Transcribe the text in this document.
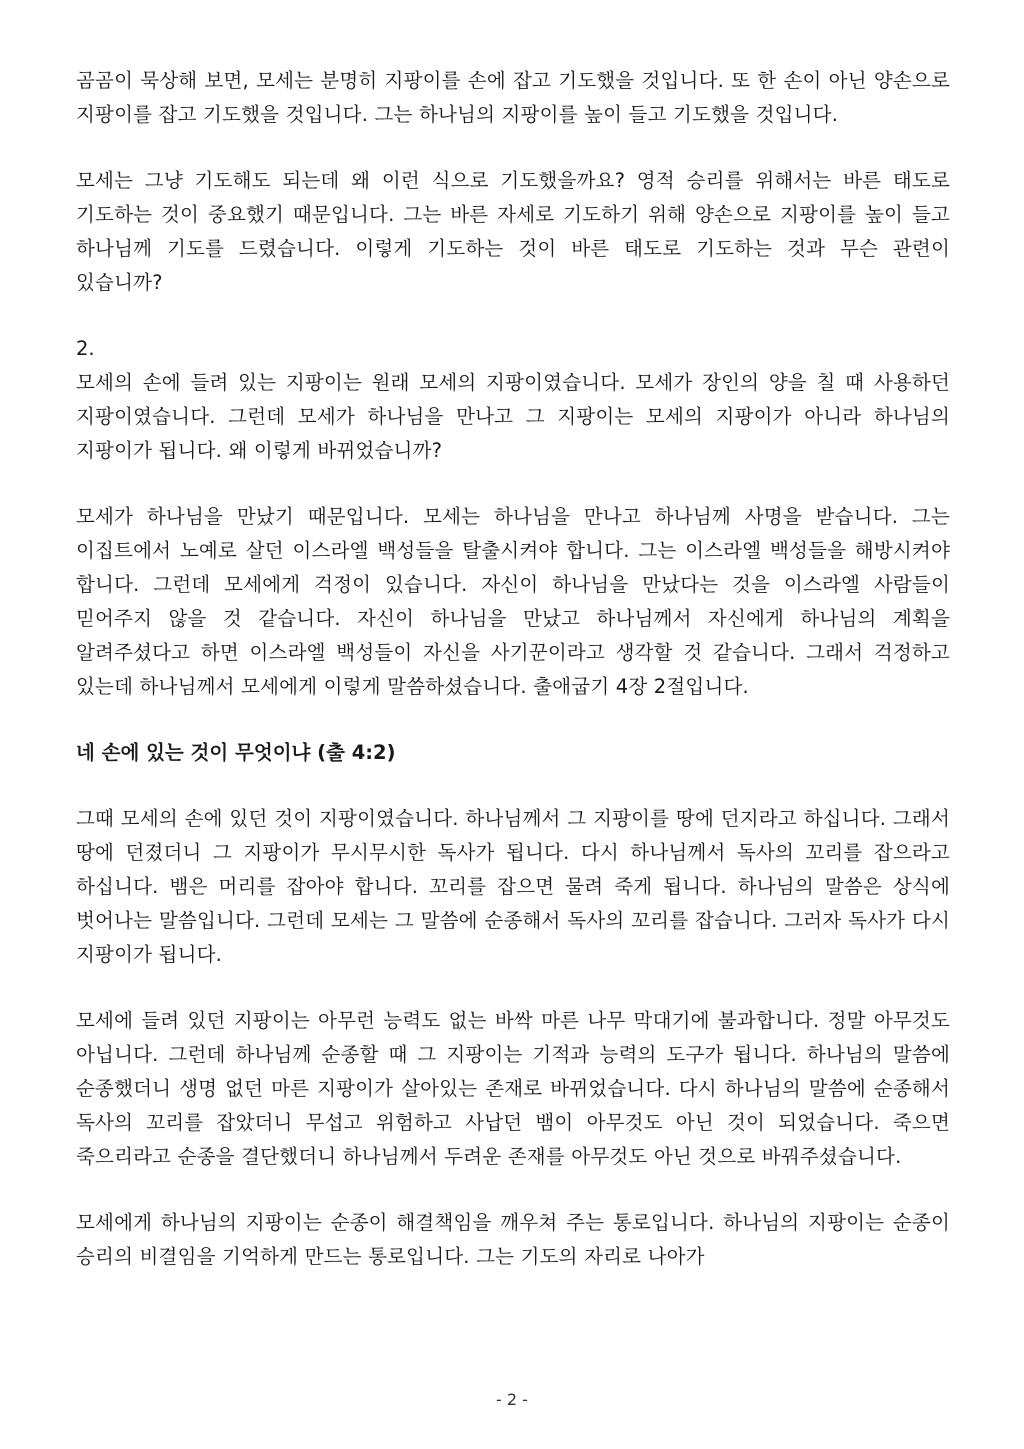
곰곰이 묵상해 보면, 모세는 분명히 지팡이를 손에 잡고 기도했을 것입니다. 또 한 손이 아닌 양손으로 지팡이를 잡고 기도했을 것입니다. 그는 하나님의 지팡이를 높이 들고 기도했을 것입니다.

모세는 그냥 기도해도 되는데 왜 이런 식으로 기도했을까요? 영적 승리를 위해서는 바른 태도로 기도하는 것이 중요했기 때문입니다. 그는 바른 자세로 기도하기 위해 양손으로 지팡이를 높이 들고 하나님께 기도를 드렸습니다. 이렇게 기도하는 것이 바른 태도로 기도하는 것과 무슨 관련이 있습니까?

2.

모세의 손에 들려 있는 지팡이는 원래 모세의 지팡이였습니다. 모세가 장인의 양을 칠 때 사용하던 지팡이였습니다. 그런데 모세가 하나님을 만나고 그 지팡이는 모세의 지팡이가 아니라 하나님의 지팡이가 됩니다. 왜 이렇게 바뀌었습니까?

모세가 하나님을 만났기 때문입니다. 모세는 하나님을 만나고 하나님께 사명을 받습니다. 그는 이집트에서 노예로 살던 이스라엘 백성들을 탈출시켜야 합니다. 그는 이스라엘 백성들을 해방시켜야 합니다. 그런데 모세에게 걱정이 있습니다. 자신이 하나님을 만났다는 것을 이스라엘 사람들이 믿어주지 않을 것 같습니다. 자신이 하나님을 만났고 하나님께서 자신에게 하나님의 계획을 알려주셨다고 하면 이스라엘 백성들이 자신을 사기꾼이라고 생각할 것 같습니다. 그래서 걱정하고 있는데 하나님께서 모세에게 이렇게 말씀하셨습니다. 출애굽기 4장 2절입니다.

네 손에 있는 것이 무엇이냐 (출 4:2)

그때 모세의 손에 있던 것이 지팡이였습니다. 하나님께서 그 지팡이를 땅에 던지라고 하십니다. 그래서 땅에 던졌더니 그 지팡이가 무시무시한 독사가 됩니다. 다시 하나님께서 독사의 꼬리를 잡으라고 하십니다. 뱀은 머리를 잡아야 합니다. 꼬리를 잡으면 물려 죽게 됩니다. 하나님의 말씀은 상식에 벗어나는 말씀입니다. 그런데 모세는 그 말씀에 순종해서 독사의 꼬리를 잡습니다. 그러자 독사가 다시 지팡이가 됩니다.

모세에 들려 있던 지팡이는 아무런 능력도 없는 바싹 마른 나무 막대기에 불과합니다. 정말 아무것도 아닙니다. 그런데 하나님께 순종할 때 그 지팡이는 기적과 능력의 도구가 됩니다. 하나님의 말씀에 순종했더니 생명 없던 마른 지팡이가 살아있는 존재로 바뀌었습니다. 다시 하나님의 말씀에 순종해서 독사의 꼬리를 잡았더니 무섭고 위험하고 사납던 뱀이 아무것도 아닌 것이 되었습니다. 죽으면 죽으리라고 순종을 결단했더니 하나님께서 두려운 존재를 아무것도 아닌 것으로 바꿔주셨습니다.

모세에게 하나님의 지팡이는 순종이 해결책임을 깨우쳐 주는 통로입니다. 하나님의 지팡이는 순종이 승리의 비결임을 기억하게 만드는 통로입니다. 그는 기도의 자리로 나아가

- 2 -
